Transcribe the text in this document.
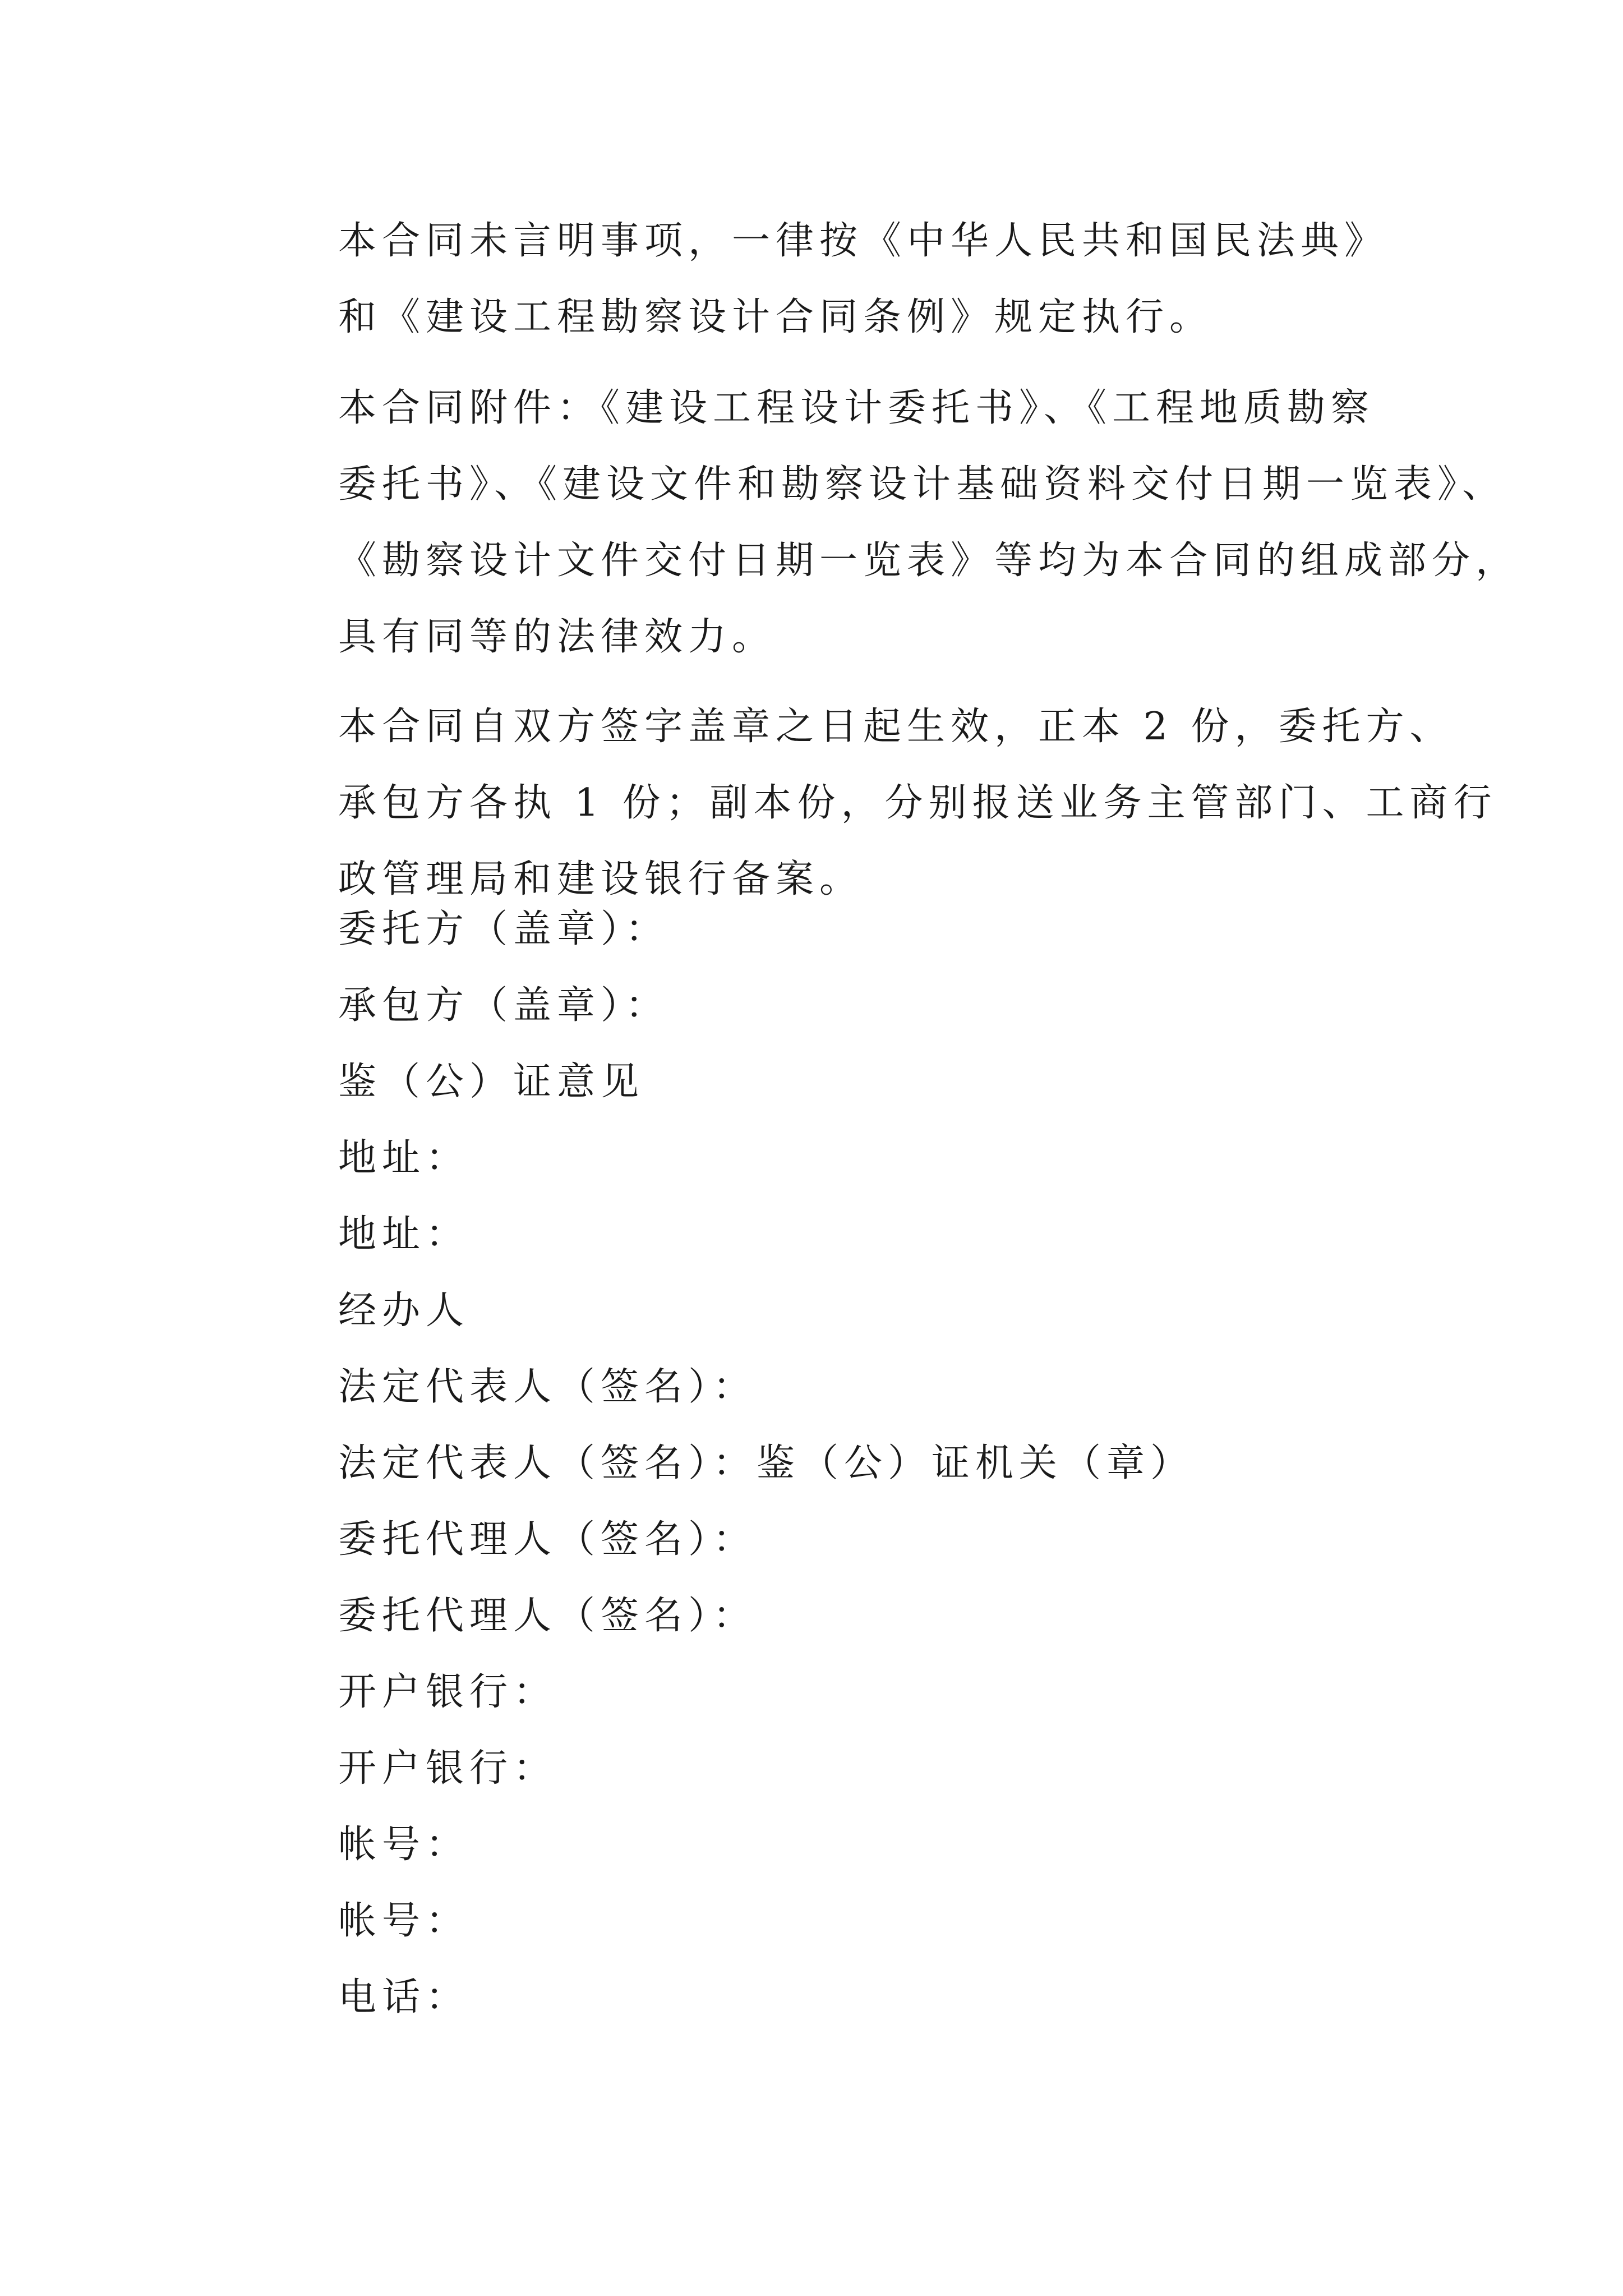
本合同未言明事项，一律按《中华人民共和国民法典》
和《建设工程勘察设计合同条例》规定执行。

本合同附件：《建设工程设计委托书》、《工程地质勘察
委托书》、《建设文件和勘察设计基础资料交付日期一览表》、
《勘察设计文件交付日期一览表》等均为本合同的组成部分，
具有同等的法律效力。

本合同自双方签字盖章之日起生效，正本 2 份，委托方、
承包方各执 1 份；副本份，分别报送业务主管部门、工商行
政管理局和建设银行备案。

委托方（盖章）：

承包方（盖章）：

鉴（公）证意见

地址：

地址：

经办人

法定代表人（签名）：

法定代表人（签名）：鉴（公）证机关（章）

委托代理人（签名）：

委托代理人（签名）：

开户银行：

开户银行：

帐号：

帐号：

电话：
